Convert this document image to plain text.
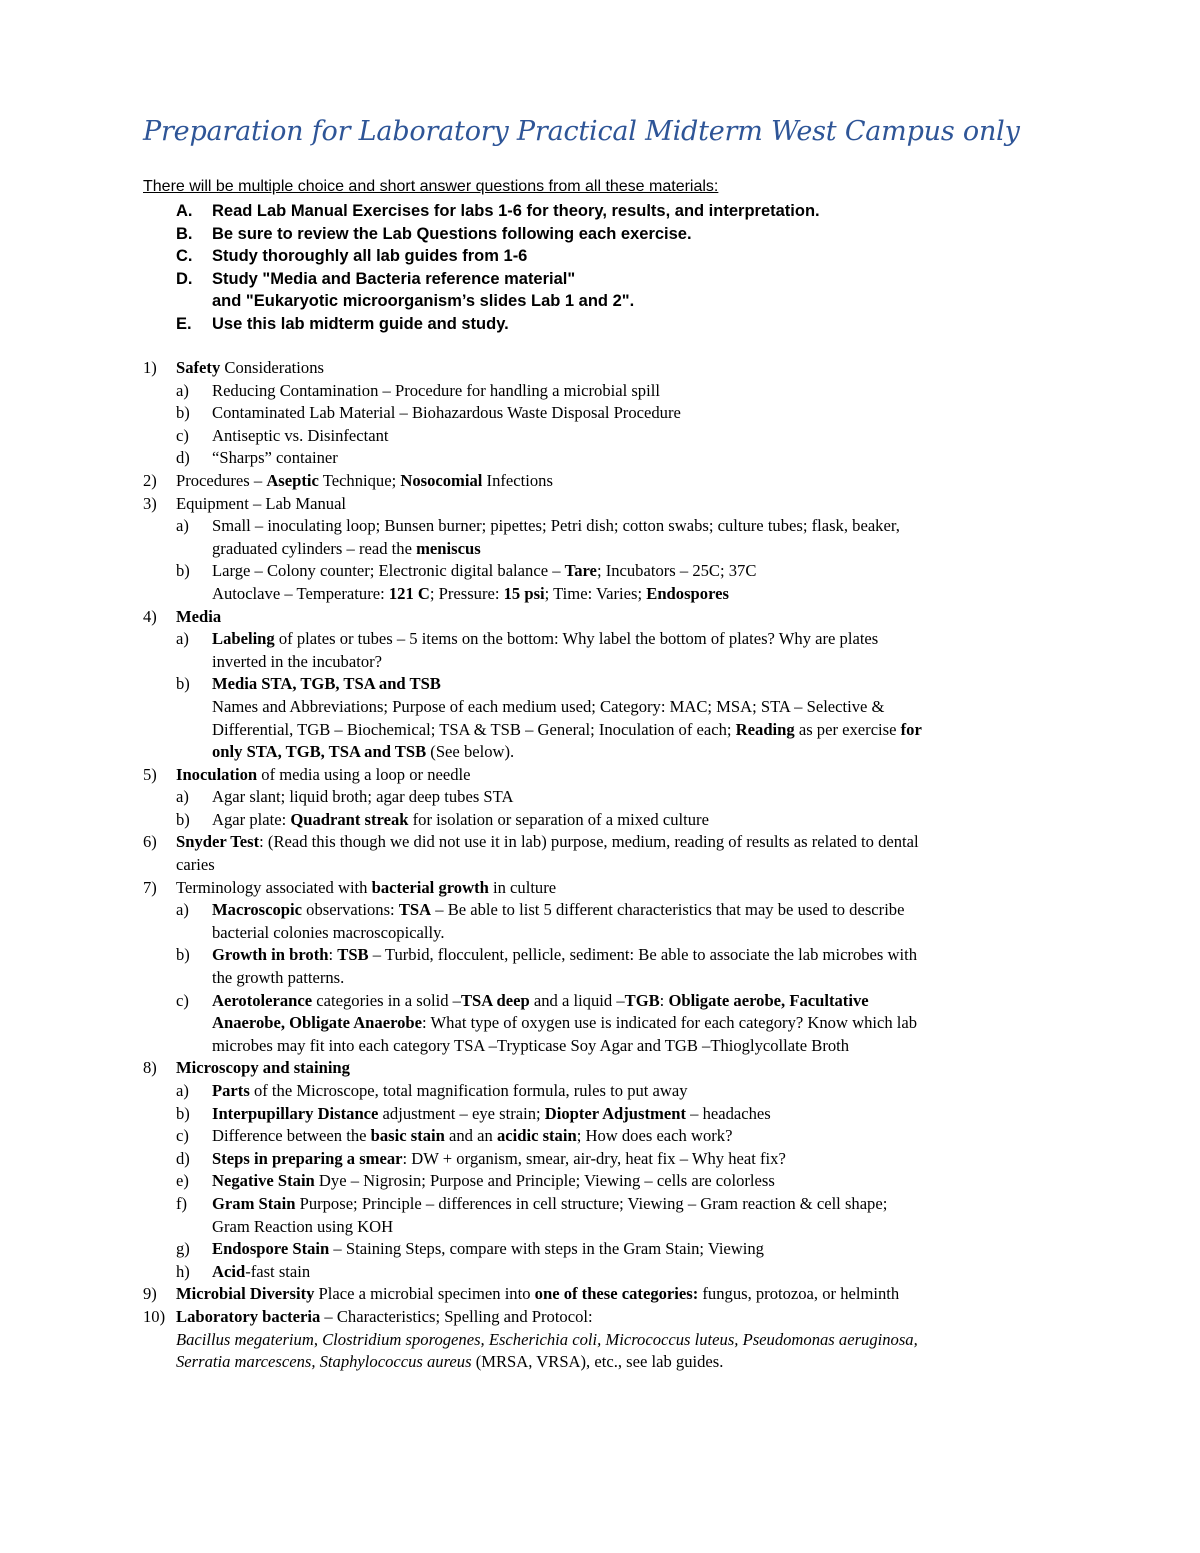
Preparation for Laboratory Practical Midterm West Campus only
There will be multiple choice and short answer questions from all these materials:
A. Read Lab Manual Exercises for labs 1-6 for theory, results, and interpretation.
B. Be sure to review the Lab Questions following each exercise.
C. Study thoroughly all lab guides from 1-6
D. Study "Media and Bacteria reference material"
and "Eukaryotic microorganism’s slides Lab 1 and 2".
E. Use this lab midterm guide and study.
1) Safety Considerations
a) Reducing Contamination – Procedure for handling a microbial spill
b) Contaminated Lab Material – Biohazardous Waste Disposal Procedure
c) Antiseptic vs. Disinfectant
d) “Sharps” container
2) Procedures – Aseptic Technique; Nosocomial Infections
3) Equipment – Lab Manual
a) Small – inoculating loop; Bunsen burner; pipettes; Petri dish; cotton swabs; culture tubes; flask, beaker,
graduated cylinders – read the meniscus
b) Large – Colony counter; Electronic digital balance – Tare; Incubators – 25C; 37C
Autoclave – Temperature: 121 C; Pressure: 15 psi; Time: Varies; Endospores
4) Media
a) Labeling of plates or tubes – 5 items on the bottom: Why label the bottom of plates? Why are plates
inverted in the incubator?
b) Media STA, TGB, TSA and TSB
Names and Abbreviations; Purpose of each medium used; Category: MAC; MSA; STA – Selective &
Differential, TGB – Biochemical; TSA & TSB – General; Inoculation of each; Reading as per exercise for
only STA, TGB, TSA and TSB (See below).
5) Inoculation of media using a loop or needle
a) Agar slant; liquid broth; agar deep tubes STA
b) Agar plate: Quadrant streak for isolation or separation of a mixed culture
6) Snyder Test: (Read this though we did not use it in lab) purpose, medium, reading of results as related to dental
caries
7) Terminology associated with bacterial growth in culture
a) Macroscopic observations: TSA – Be able to list 5 different characteristics that may be used to describe
bacterial colonies macroscopically.
b) Growth in broth: TSB – Turbid, flocculent, pellicle, sediment: Be able to associate the lab microbes with
the growth patterns.
c) Aerotolerance categories in a solid –TSA deep and a liquid –TGB: Obligate aerobe, Facultative
Anaerobe, Obligate Anaerobe: What type of oxygen use is indicated for each category? Know which lab
microbes may fit into each category TSA –Trypticase Soy Agar and TGB –Thioglycollate Broth
8) Microscopy and staining
a) Parts of the Microscope, total magnification formula, rules to put away
b) Interpupillary Distance adjustment – eye strain; Diopter Adjustment – headaches
c) Difference between the basic stain and an acidic stain; How does each work?
d) Steps in preparing a smear: DW + organism, smear, air-dry, heat fix – Why heat fix?
e) Negative Stain Dye – Nigrosin; Purpose and Principle; Viewing – cells are colorless
f) Gram Stain Purpose; Principle – differences in cell structure; Viewing – Gram reaction & cell shape;
Gram Reaction using KOH
g) Endospore Stain – Staining Steps, compare with steps in the Gram Stain; Viewing
h) Acid-fast stain
9) Microbial Diversity Place a microbial specimen into one of these categories: fungus, protozoa, or helminth
10) Laboratory bacteria – Characteristics; Spelling and Protocol:
Bacillus megaterium, Clostridium sporogenes, Escherichia coli, Micrococcus luteus, Pseudomonas aeruginosa,
Serratia marcescens, Staphylococcus aureus (MRSA, VRSA), etc., see lab guides.
